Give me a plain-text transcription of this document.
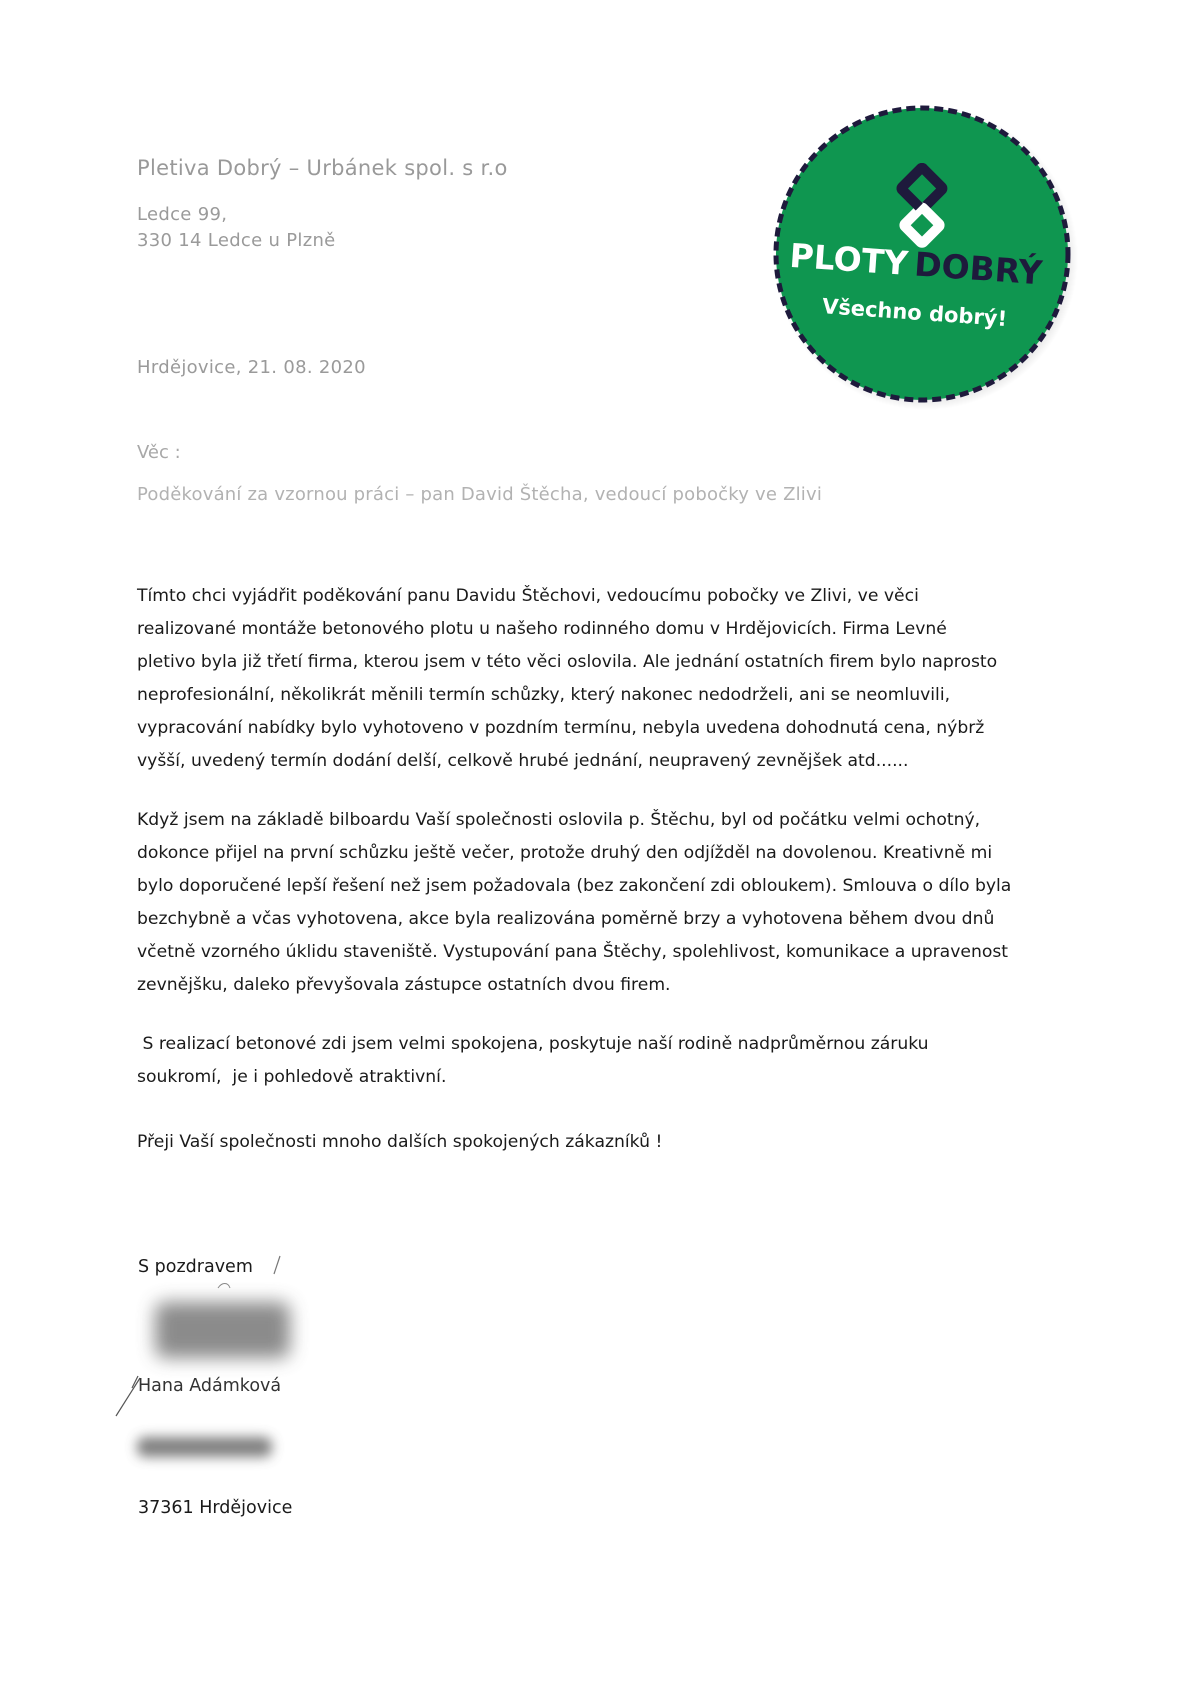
Pletiva Dobrý – Urbánek spol. s r.o
Ledce 99,
330 14 Ledce u Plzně
Hrdějovice, 21. 08. 2020
Věc :
Poděkování za vzornou práci – pan David Štěcha, vedoucí pobočky ve Zlivi
PLOTY DOBRÝ
Všechno dobrý!
Tímto chci vyjádřit poděkování panu Davidu Štěchovi, vedoucímu pobočky ve Zlivi, ve věci
realizované montáže betonového plotu u našeho rodinného domu v Hrdějovicích. Firma Levné
pletivo byla již třetí firma, kterou jsem v této věci oslovila. Ale jednání ostatních firem bylo naprosto
neprofesionální, několikrát měnili termín schůzky, který nakonec nedodrželi, ani se neomluvili,
vypracování nabídky bylo vyhotoveno v pozdním termínu, nebyla uvedena dohodnutá cena, nýbrž
vyšší, uvedený termín dodání delší, celkově hrubé jednání, neupravený zevnějšek atd......
Když jsem na základě bilboardu Vaší společnosti oslovila p. Štěchu, byl od počátku velmi ochotný,
dokonce přijel na první schůzku ještě večer, protože druhý den odjížděl na dovolenou. Kreativně mi
bylo doporučené lepší řešení než jsem požadovala (bez zakončení zdi obloukem). Smlouva o dílo byla
bezchybně a včas vyhotovena, akce byla realizována poměrně brzy a vyhotovena během dvou dnů
včetně vzorného úklidu staveniště. Vystupování pana Štěchy, spolehlivost, komunikace a upravenost
zevnějšku, daleko převyšovala zástupce ostatních dvou firem.
S realizací betonové zdi jsem velmi spokojena, poskytuje naší rodině nadprůměrnou záruku
soukromí,  je i pohledově atraktivní.
Přeji Vaší společnosti mnoho dalších spokojených zákazníků !
S pozdravem
Hana Adámková
37361 Hrdějovice
